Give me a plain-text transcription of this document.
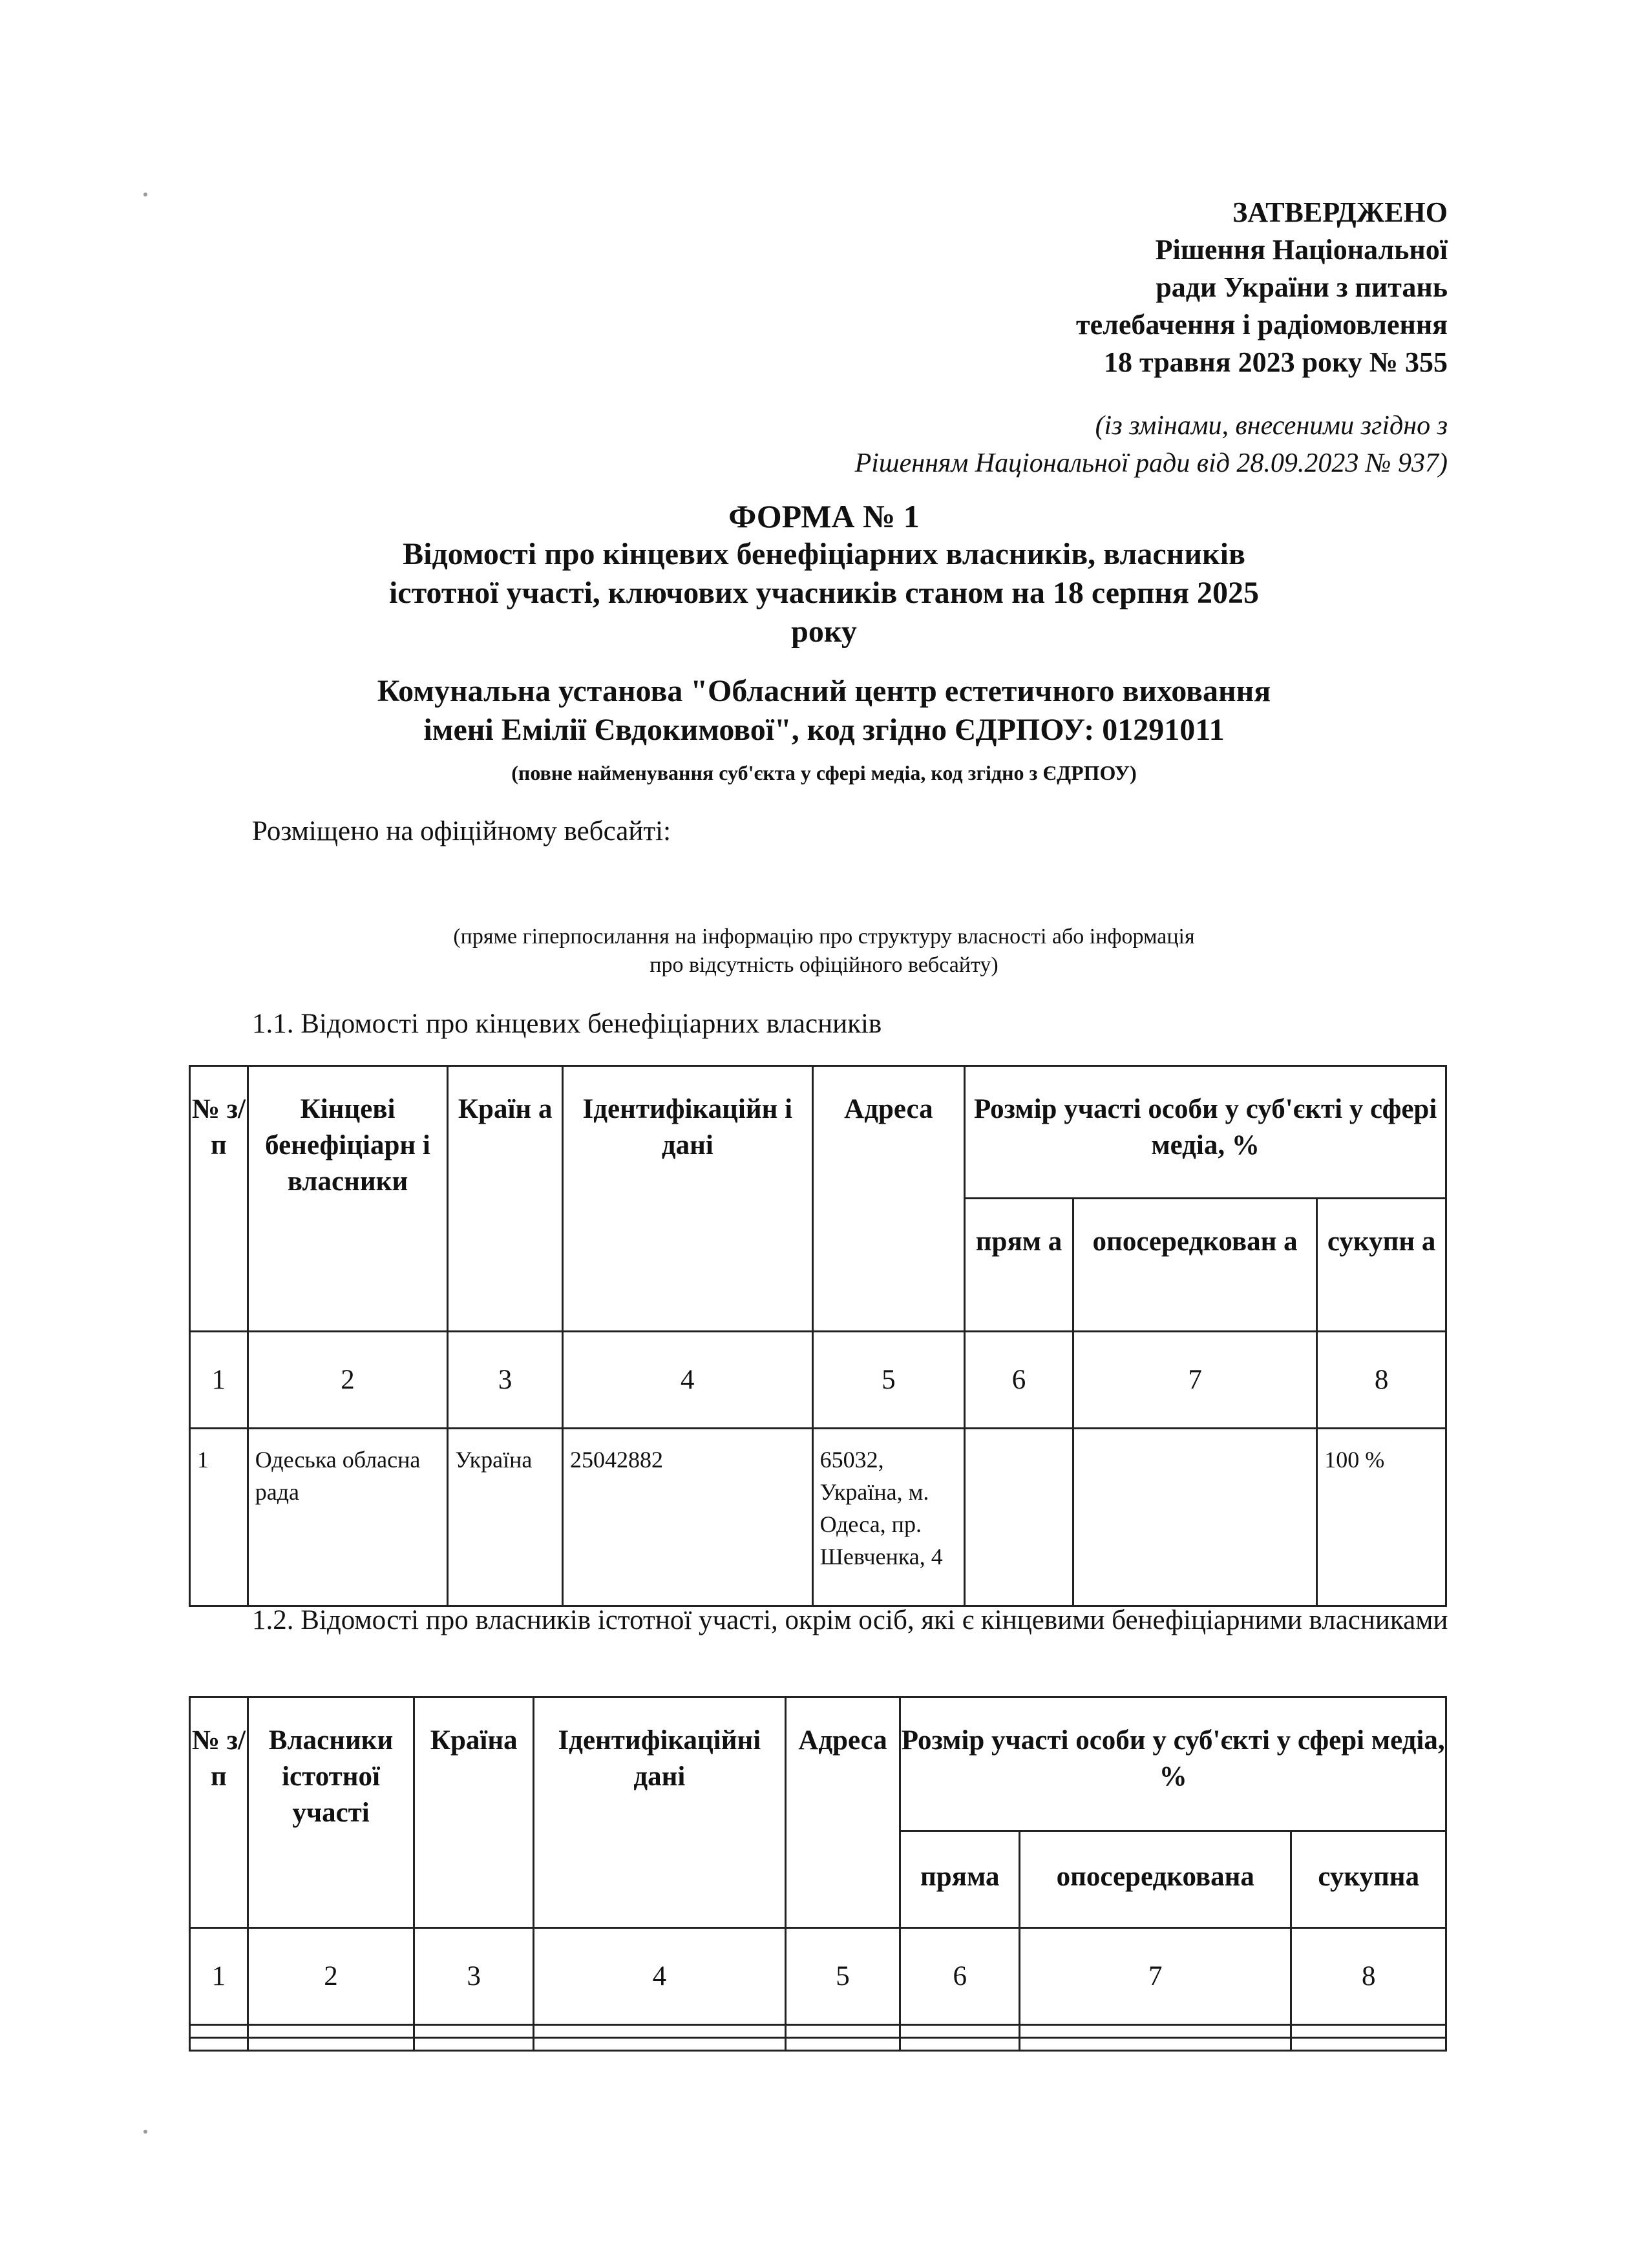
ЗАТВЕРДЖЕНО
Рішення Національної
ради України з питань
телебачення і радіомовлення
18 травня 2023 року № 355
(із змінами, внесеними згідно з
Рішенням Національної ради від 28.09.2023 № 937)
ФОРМА № 1
Відомості про кінцевих бенефіціарних власників, власників
істотної участі, ключових учасників станом на 18 серпня 2025
року
Комунальна установа "Обласний центр естетичного виховання
імені Емілії Євдокимової", код згідно ЄДРПОУ: 01291011
(повне найменування суб'єкта у сфері медіа, код згідно з ЄДРПОУ)
Розміщено на офіційному вебсайті:
(пряме гіперпосилання на інформацію про структуру власності або інформація
про відсутність офіційного вебсайту)
1.1. Відомості про кінцевих бенефіціарних власників
№ з/ п	Кінцеві бенефіціарн і власники	Країн а	Ідентифікаційн і дані	Адреса	Розмір участі особи у суб'єкті у сфері медіа, %		
					прям а	опосередкован а	сукупн а
1	2	3	4	5	6	7	8
1	Одеська обласна рада	Україна	25042882	65032, Україна, м. Одеса, пр. Шевченка, 4			100 %
1.2. Відомості про власників істотної участі, окрім осіб, які є кінцевими бенефіціарними власниками
№ з/п	Власники істотної участі	Країна	Ідентифікаційні дані	Адреса	Розмір участі особи у суб'єкті у сфері медіа, %		
					пряма	опосередкована	сукупна
1	2	3	4	5	6	7	8
